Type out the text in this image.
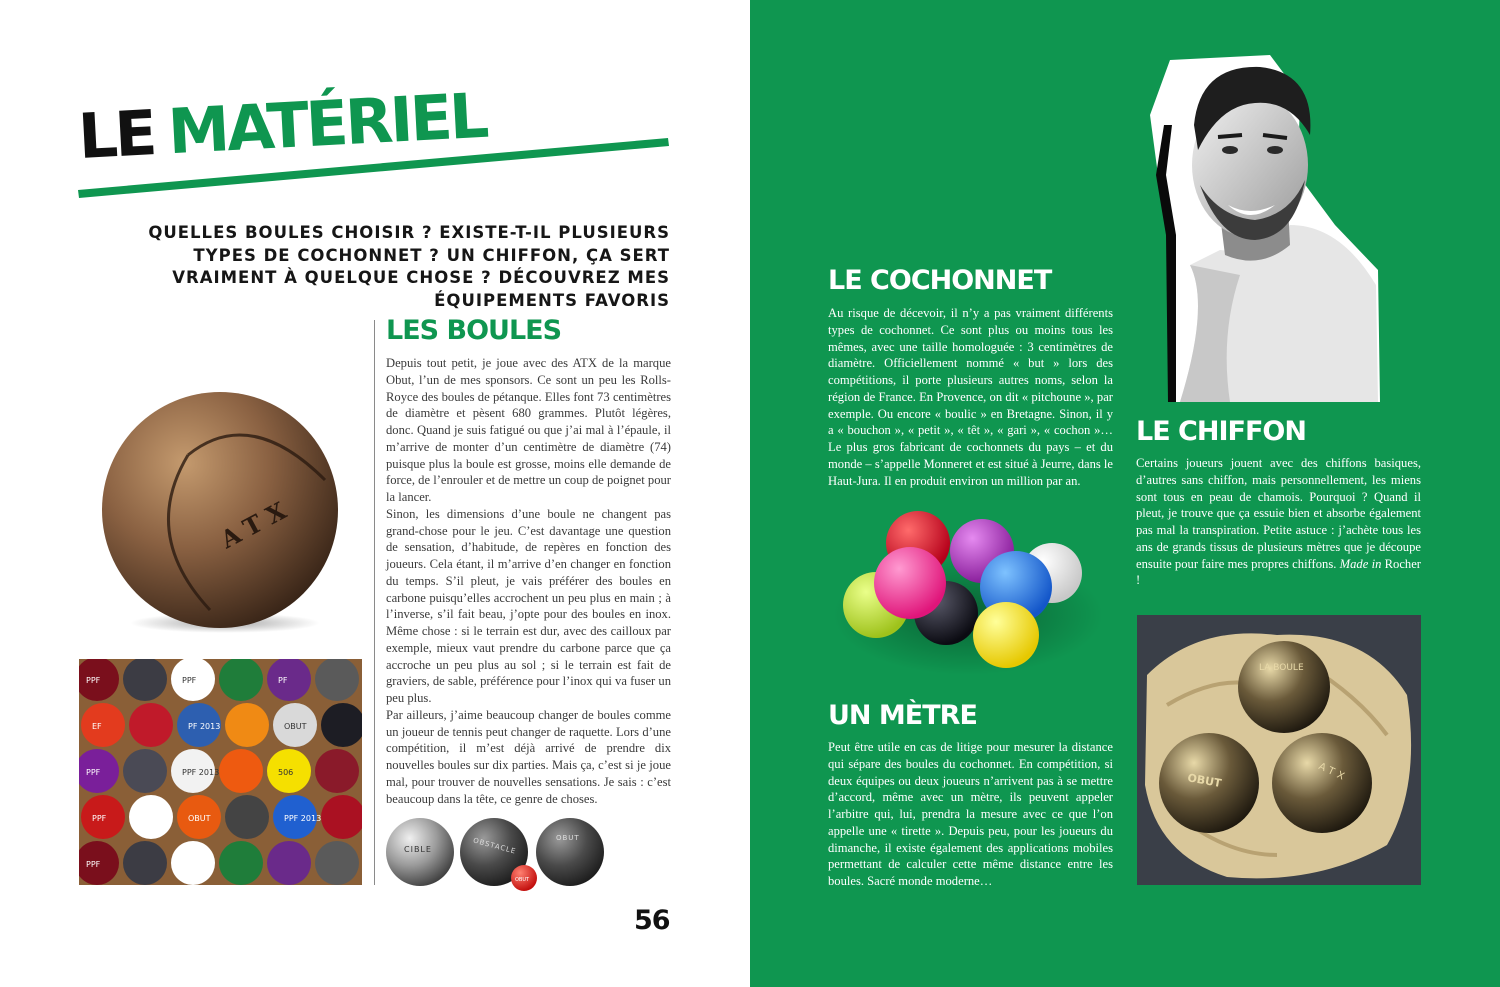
LE MATÉRIEL
QUELLES BOULES CHOISIR ? EXISTE-T-IL PLUSIEURS TYPES DE COCHONNET ? UN CHIFFON, ÇA SERT VRAIMENT À QUELQUE CHOSE ? DÉCOUVREZ MES ÉQUIPEMENTS FAVORIS
LES BOULES

Depuis tout petit, je joue avec des ATX de la marque Obut, l’un de mes sponsors. Ce sont un peu les Rolls-Royce des boules de pétanque. Elles font 73 centimètres de diamètre et pèsent 680 grammes. Plutôt légères, donc. Quand je suis fatigué ou que j’ai mal à l’épaule, il m’arrive de monter d’un centimètre de diamètre (74) puisque plus la boule est grosse, moins elle demande de force, de l’enrouler et de mettre un coup de poignet pour la lancer.

Sinon, les dimensions d’une boule ne changent pas grand-chose pour le jeu. C’est davantage une question de sensation, d’habitude, de repères en fonction des joueurs. Cela étant, il m’arrive d’en changer en fonction du temps. S’il pleut, je vais préférer des boules en carbone puisqu’elles accrochent un peu plus en main ; à l’inverse, s’il fait beau, j’opte pour des boules en inox. Même chose : si le terrain est dur, avec des cailloux par exemple, mieux vaut prendre du carbone parce que ça accroche un peu plus au sol ; si le terrain est fait de graviers, de sable, préférence pour l’inox qui va fuser un peu plus.

Par ailleurs, j’aime beaucoup changer de boules comme un joueur de tennis peut changer de raquette. Lors d’une compétition, il m’est déjà arrivé de prendre dix nouvelles boules sur dix parties. Mais ça, c’est si je joue mal, pour trouver de nouvelles sensations. Je sais : c’est beaucoup dans la tête, ce genre de choses.

ATX
PPF	PPF	PF
EF	PF 2013	OBUT
PPF	PPF 2013	506
PPF	OBUT	PPF 2013
PPF
CIBLE	OBSTACLE	OBUT
OBUT
56
LE COCHONNET
Au risque de décevoir, il n’y a pas vraiment différents types de cochonnet. Ce sont plus ou moins tous les mêmes, avec une taille homologuée : 3 centimètres de diamètre. Officiellement nommé « but » lors des compétitions, il porte plusieurs autres noms, selon la région de France. En Provence, on dit « pitchoune », par exemple. Ou encore « boulic » en Bretagne. Sinon, il y a « bouchon », « petit », « têt », « gari », « cochon »… Le plus gros fabricant de cochonnets du pays – et du monde – s’appelle Monneret et est situé à Jeurre, dans le Haut-Jura. Il en produit environ un million par an.
UN MÈTRE
Peut être utile en cas de litige pour mesurer la distance qui sépare des boules du cochonnet. En compétition, si deux équipes ou deux joueurs n’arrivent pas à se mettre d’accord, même avec un mètre, ils peuvent appeler l’arbitre qui, lui, prendra la mesure avec ce que l’on appelle une « tirette ». Depuis peu, pour les joueurs du dimanche, il existe également des applications mobiles permettant de calculer cette même distance entre les boules. Sacré monde moderne…
LE CHIFFON
Certains joueurs jouent avec des chiffons basiques, d’autres sans chiffon, mais personnellement, les miens sont tous en peau de chamois. Pourquoi ? Quand il pleut, je trouve que ça essuie bien et absorbe également pas mal la transpiration. Petite astuce : j’achète tous les ans de grands tissus de plusieurs mètres que je découpe ensuite pour faire mes propres chiffons. Made in Rocher !
LA BOULE
OBUT	ATX
